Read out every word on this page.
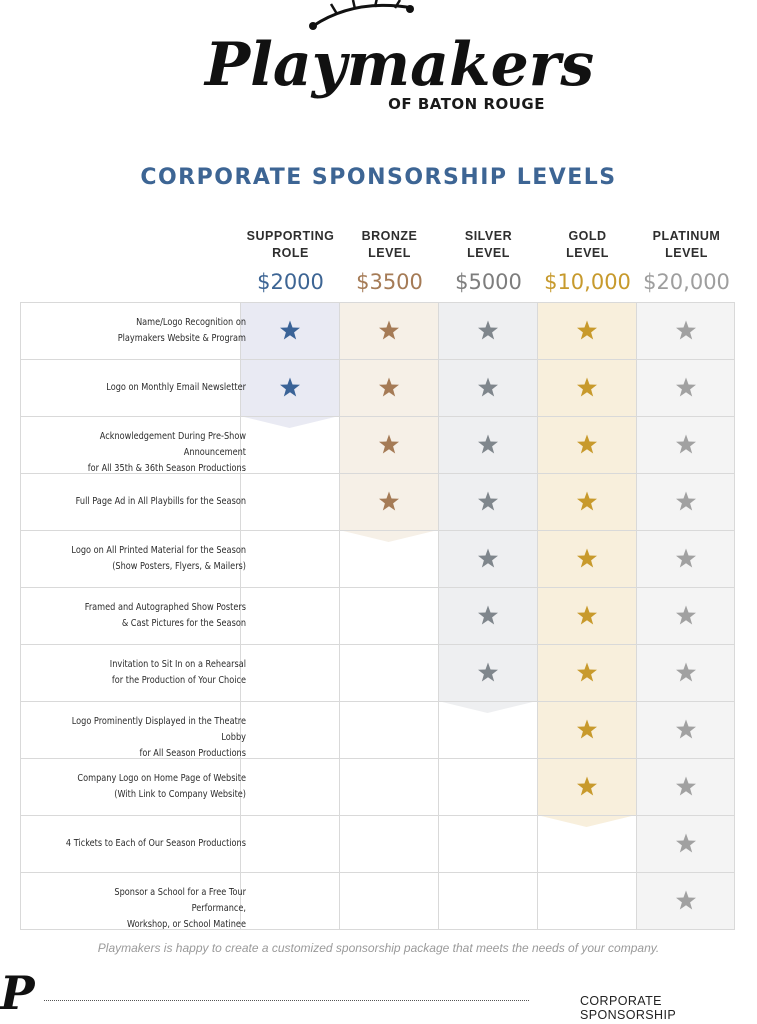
Playmakers
OF BATON ROUGE
CORPORATE SPONSORSHIP LEVELS
SUPPORTING
ROLE
$2000
BRONZE
LEVEL
$3500
SILVER
LEVEL
$5000
GOLD
LEVEL
$10,000
PLATINUM
LEVEL
$20,000
Name/Logo Recognition on
Playmakers Website & Program
Logo on Monthly Email Newsletter
Acknowledgement During Pre-Show Announcement
for All 35th & 36th Season Productions
Full Page Ad in All Playbills for the Season
Logo on All Printed Material for the Season
(Show Posters, Flyers, & Mailers)
Framed and Autographed Show Posters
& Cast Pictures for the Season
Invitation to Sit In on a Rehearsal
for the Production of Your Choice
Logo Prominently Displayed in the Theatre Lobby
for All Season Productions
Company Logo on Home Page of Website
(With Link to Company Website)
4 Tickets to Each of Our Season Productions
Sponsor a School for a Free Tour Performance,
Workshop, or School Matinee
Playmakers is happy to create a customized sponsorship package that meets the needs of your company.
P	CORPORATE SPONSORSHIP
